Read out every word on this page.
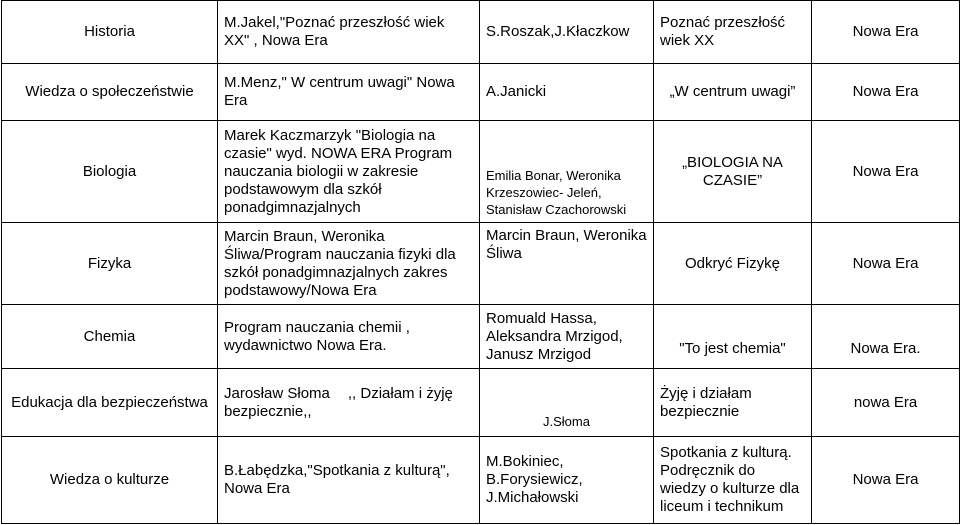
Historia	M.Jakel,"Poznać przeszłość wiek XX" , Nowa Era	S.Roszak,J.Kłaczkow	Poznać przeszłość wiek XX	Nowa Era
Wiedza o społeczeństwie	M.Menz," W centrum uwagi" Nowa Era	A.Janicki	„W centrum uwagi”	Nowa Era
Biologia	Marek Kaczmarzyk "Biologia na czasie" wyd. NOWA ERA Program nauczania biologii w zakresie podstawowym dla szkół ponadgimnazjalnych	Emilia Bonar, Weronika Krzeszowiec- Jeleń, Stanisław Czachorowski	„BIOLOGIA NA CZASIE”	Nowa Era
Fizyka	Marcin Braun, Weronika Śliwa/Program nauczania fizyki dla szkół ponadgimnazjalnych zakres podstawowy/Nowa Era	Marcin Braun, Weronika Śliwa	Odkryć Fizykę	Nowa Era
Chemia	Program nauczania chemii , wydawnictwo Nowa Era.	Romuald Hassa, Aleksandra Mrzigod, Janusz Mrzigod	"To jest chemia"	Nowa Era.
Edukacja dla bezpieczeństwa	Jarosław Słoma ,, Działam i żyję bezpiecznie,,	J.Słoma	Żyję i działam bezpiecznie	nowa Era
Wiedza o kulturze	B.Łabędzka,"Spotkania z kulturą", Nowa Era	M.Bokiniec, B.Forysiewicz, J.Michałowski	Spotkania z kulturą. Podręcznik do wiedzy o kulturze dla liceum i technikum	Nowa Era
